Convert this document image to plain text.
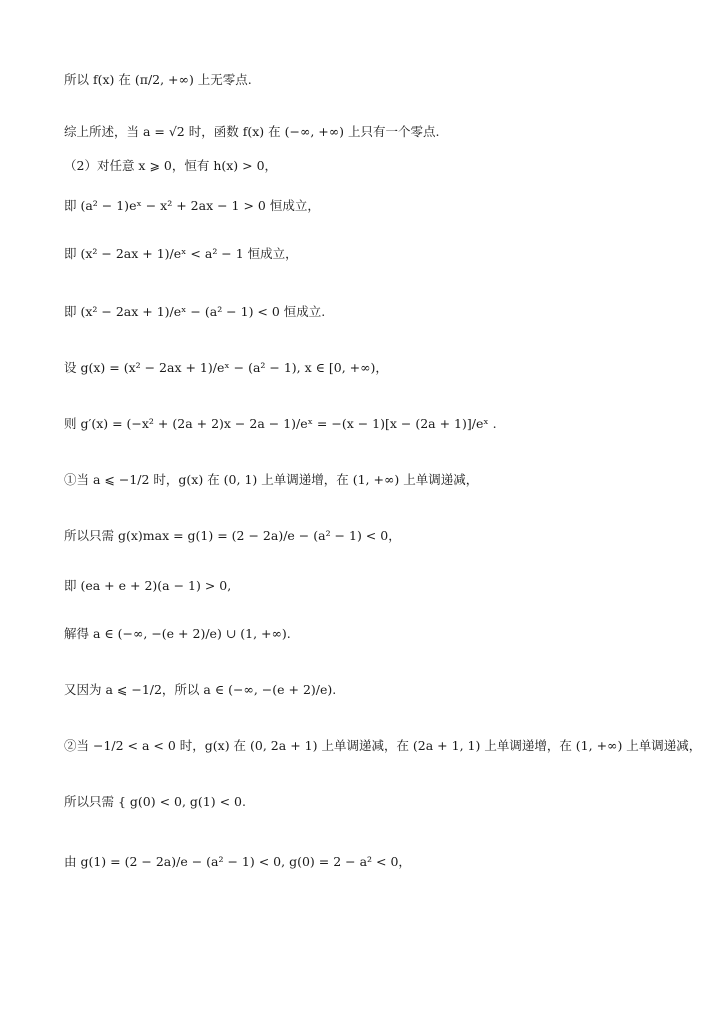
所以 f(x) 在 (π/2, +∞) 上无零点.
综上所述，当 a = √2 时，函数 f(x) 在 (−∞, +∞) 上只有一个零点.
（2）对任意 x ⩾ 0，恒有 h(x) > 0，
即 (a² − 1)eˣ − x² + 2ax − 1 > 0 恒成立，
即 (x² − 2ax + 1)/eˣ < a² − 1 恒成立，
即 (x² − 2ax + 1)/eˣ − (a² − 1) < 0 恒成立.
设 g(x) = (x² − 2ax + 1)/eˣ − (a² − 1), x ∈ [0, +∞)，
则 g′(x) = (−x² + (2a + 2)x − 2a − 1)/eˣ = −(x − 1)[x − (2a + 1)]/eˣ .
①当 a ⩽ −1/2 时，g(x) 在 (0, 1) 上单调递增，在 (1, +∞) 上单调递减，
所以只需 g(x)max = g(1) = (2 − 2a)/e − (a² − 1) < 0，
即 (ea + e + 2)(a − 1) > 0,
解得 a ∈ (−∞, −(e + 2)/e) ∪ (1, +∞).
又因为 a ⩽ −1/2，所以 a ∈ (−∞, −(e + 2)/e).
②当 −1/2 < a < 0 时，g(x) 在 (0, 2a + 1) 上单调递减，在 (2a + 1, 1) 上单调递增，在 (1, +∞) 上单调递减，
所以只需 { g(0) < 0, g(1) < 0.
由 g(1) = (2 − 2a)/e − (a² − 1) < 0, g(0) = 2 − a² < 0，
